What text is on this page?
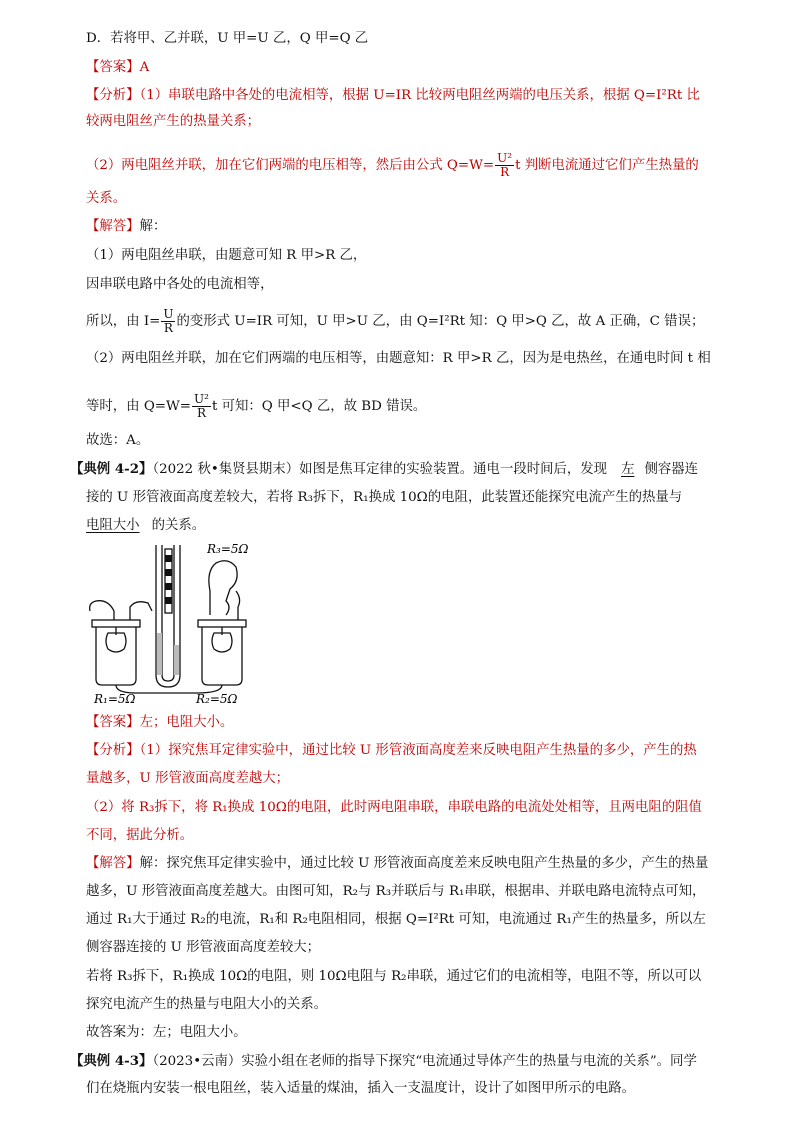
D．若将甲、乙并联，U 甲=U 乙，Q 甲=Q 乙
【答案】A
【分析】（1）串联电路中各处的电流相等，根据 U=IR 比较两电阻丝两端的电压关系，根据 Q=I²Rt 比
较两电阻丝产生的热量关系；
（2）两电阻丝并联，加在它们两端的电压相等，然后由公式 $Q=W= \frac{\text{U²}}{R}$ t 判断电流通过它们产生热量的
关系。
【解答】解：
（1）两电阻丝串联，由题意可知 R 甲>R 乙，
因串联电路中各处的电流相等，
所以，由 $I= \frac{U}{R}$ 的变形式 U=IR 可知，U 甲>U 乙，由 Q=I²Rt 知：Q 甲>Q 乙，故 A 正确，C 错误；
（2）两电阻丝并联，加在它们两端的电压相等，由题意知：R 甲>R 乙，因为是电热丝，在通电时间 t 相
等时，由 $Q=W= \frac{\text{U²}}{R}$ t 可知：Q 甲<Q 乙，故 BD 错误。
故选：A。
【典例 4-2】（2022 秋•集贤县期末）如图是焦耳定律的实验装置。通电一段时间后，发现 左 侧容器连
接的 U 形管液面高度差较大，若将 R₃拆下，R₁换成 10Ω的电阻，此装置还能探究电流产生的热量与
电阻大小 的关系。
R₃=5Ω
R₁=5Ω	R₂=5Ω
【答案】左；电阻大小。
【分析】（1）探究焦耳定律实验中，通过比较 U 形管液面高度差来反映电阻产生热量的多少，产生的热
量越多，U 形管液面高度差越大；
（2）将 R₃拆下，将 R₁换成 10Ω的电阻，此时两电阻串联，串联电路的电流处处相等，且两电阻的阻值
不同，据此分析。
【解答】解：探究焦耳定律实验中，通过比较 U 形管液面高度差来反映电阻产生热量的多少，产生的热量
越多，U 形管液面高度差越大。由图可知，R₂与 R₃并联后与 R₁串联，根据串、并联电路电流特点可知，
通过 R₁大于通过 R₂的电流，R₁和 R₂电阻相同，根据 Q=I²Rt 可知，电流通过 R₁产生的热量多，所以左
侧容器连接的 U 形管液面高度差较大；
若将 R₃拆下，R₁换成 10Ω的电阻，则 10Ω电阻与 R₂串联，通过它们的电流相等，电阻不等，所以可以
探究电流产生的热量与电阻大小的关系。
故答案为：左；电阻大小。
【典例 4-3】（2023•云南）实验小组在老师的指导下探究“电流通过导体产生的热量与电流的关系”。同学
们在烧瓶内安装一根电阻丝，装入适量的煤油，插入一支温度计，设计了如图甲所示的电路。
